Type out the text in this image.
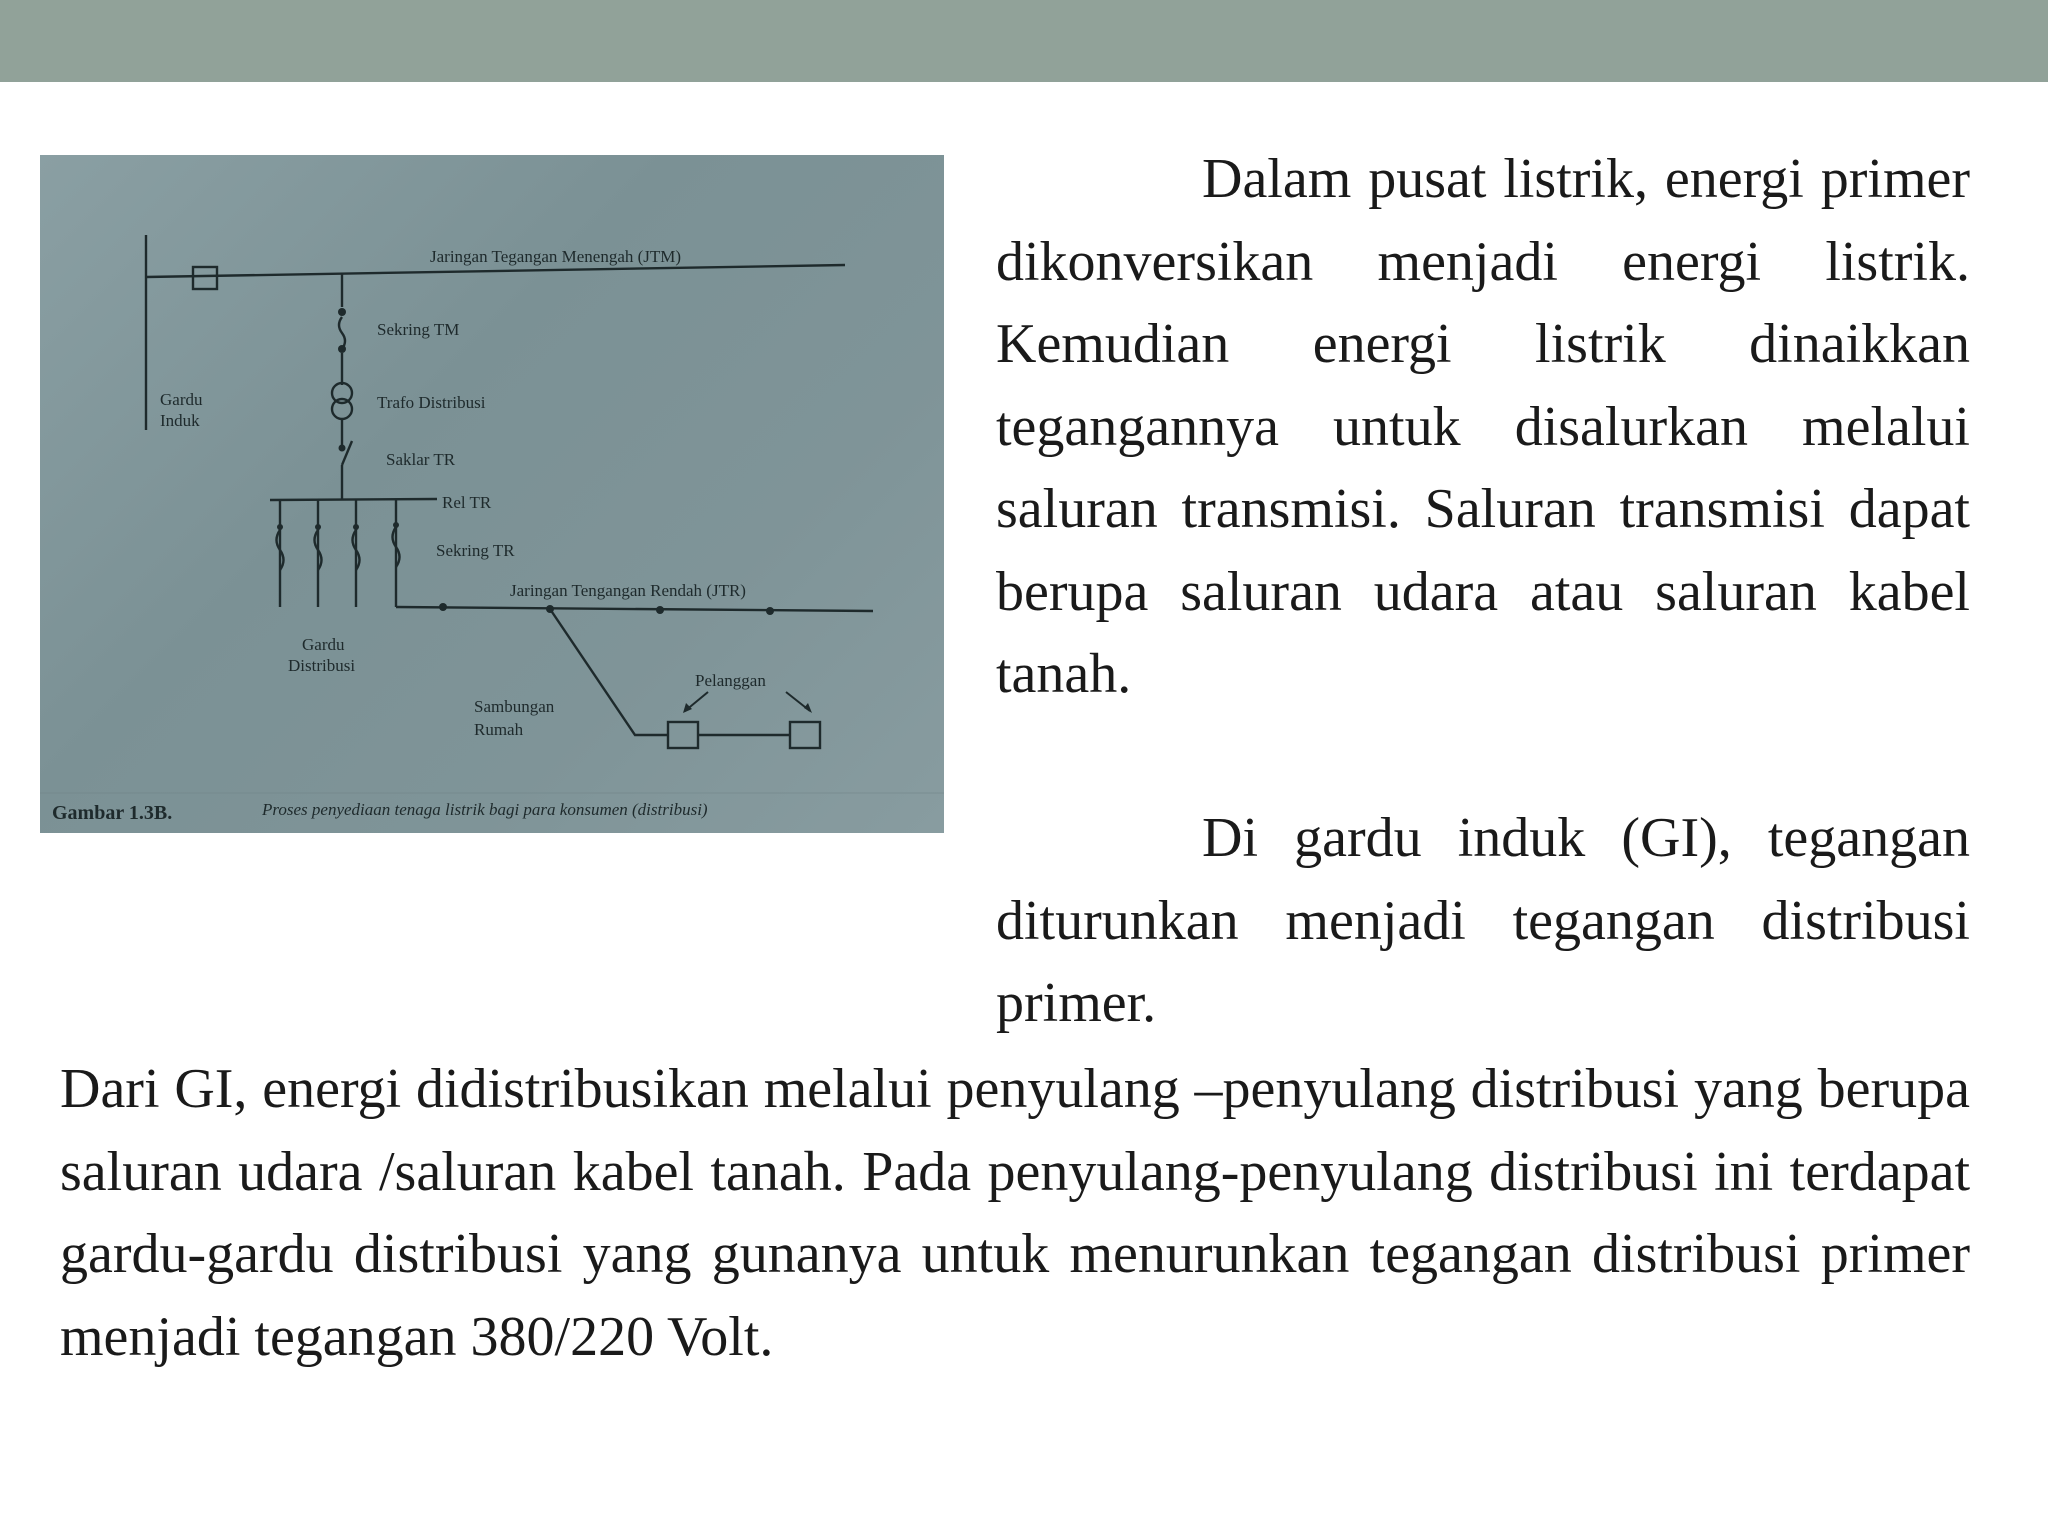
Jaringan Tegangan Menengah (JTM)
Sekring TM
Gardu
Induk
Trafo Distribusi
Saklar TR
Rel TR
Sekring TR
Jaringan Tengangan Rendah (JTR)
Gardu
Distribusi
Pelanggan
Sambungan
Rumah
Gambar 1.3B.	Proses penyediaan tenaga listrik bagi para konsumen (distribusi)

Dalam pusat listrik, energi primer dikonversikan menjadi energi listrik. Kemudian energi listrik dinaikkan tegangannya untuk disalurkan melalui saluran transmisi. Saluran transmisi dapat berupa saluran udara atau saluran kabel tanah.

Di gardu induk (GI), tegangan diturunkan menjadi tegangan distribusi primer.

Dari GI, energi didistribusikan melalui penyulang –penyulang distribusi yang berupa saluran udara /saluran kabel tanah. Pada penyulang-penyulang distribusi ini terdapat gardu-gardu distribusi yang gunanya untuk menurunkan tegangan distribusi primer menjadi tegangan 380/220 Volt.
